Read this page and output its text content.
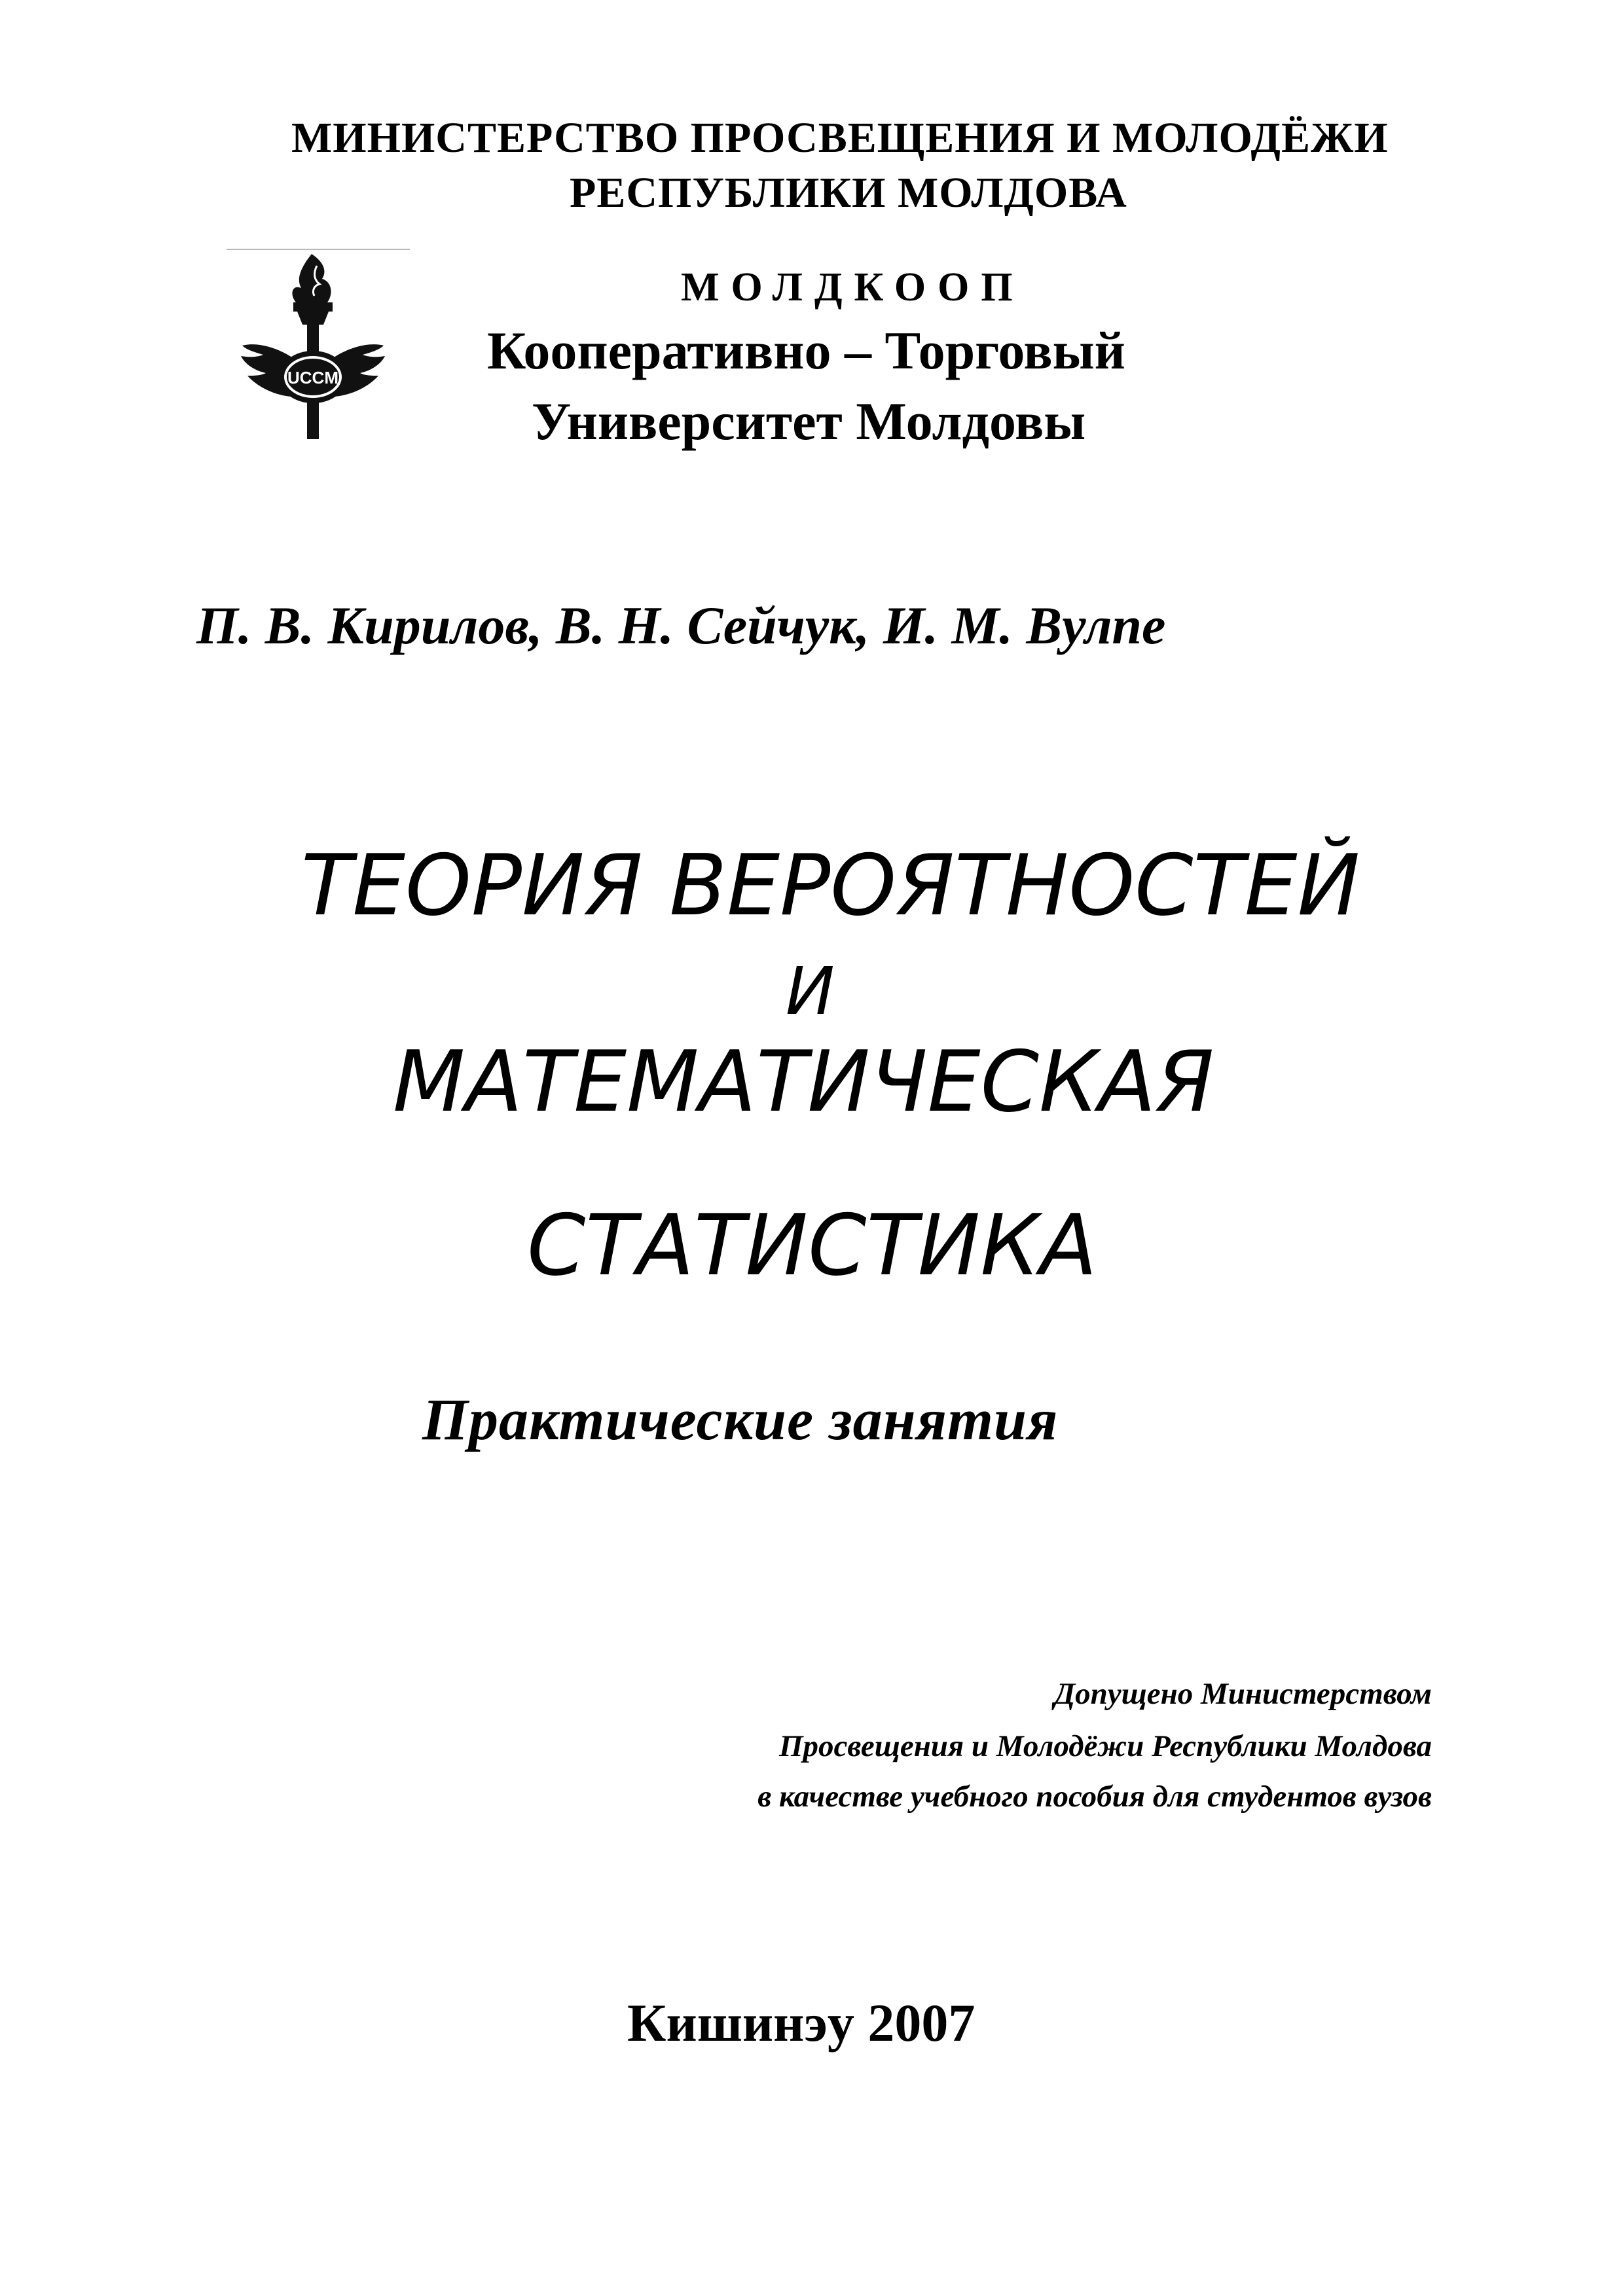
МИНИСТЕРСТВО ПРОСВЕЩЕНИЯ И МОЛОДЁЖИ
РЕСПУБЛИКИ МОЛДОВА
UCCM
МОЛДКООП
Кооперативно – Торговый
Университет Молдовы
П. В. Кирилов, В. Н. Сейчук, И. М. Вулпе
ТЕОРИЯ ВЕРОЯТНОСТЕЙ
И
МАТЕМАТИЧЕСКАЯ
СТАТИСТИКА
Практические занятия
Допущено Министерством
Просвещения и Молодёжи Республики Молдова
в качестве учебного пособия для студентов вузов
Кишинэу 2007
